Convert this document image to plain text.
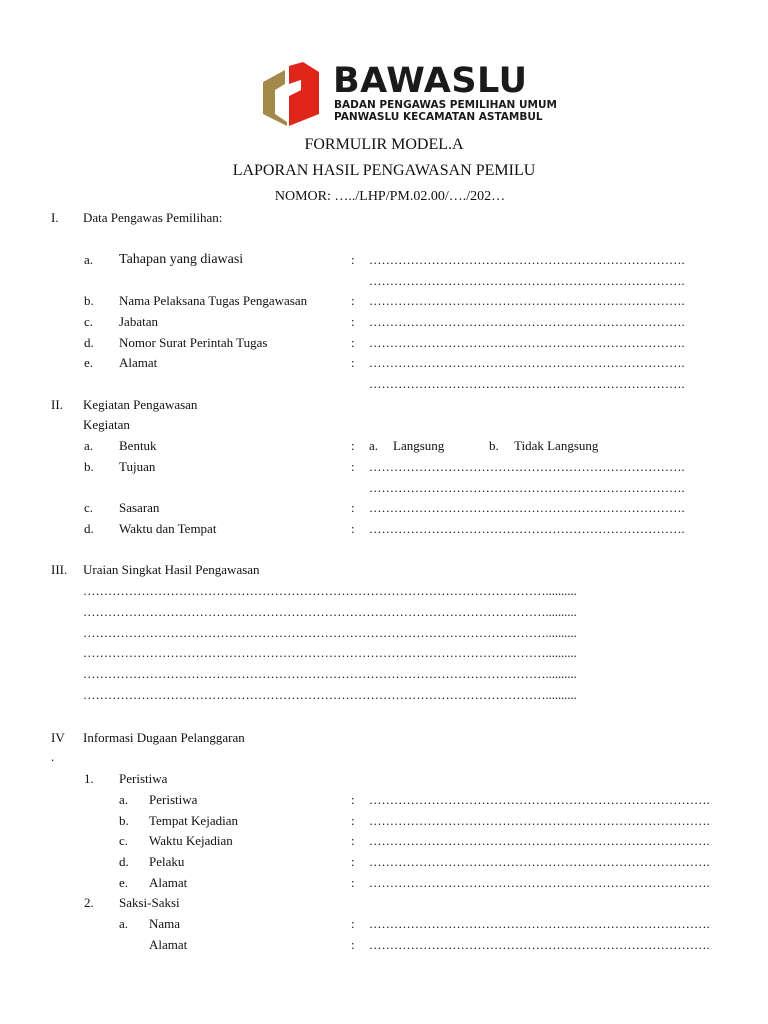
BAWASLU
BADAN PENGAWAS PEMILIHAN UMUM
PANWASLU KECAMATAN ASTAMBUL
FORMULIR MODEL.A
LAPORAN HASIL PENGAWASAN PEMILU
NOMOR: …../LHP/PM.02.00/…./202…
I. Data Pengawas Pemilihan:
a. Tahapan yang diawasi	: ………………………………………………………………….
………………………………………………………………….
b. Nama Pelaksana Tugas Pengawasan	: ………………………………………………………………….
c. Jabatan	: ………………………………………………………………….
d. Nomor Surat Perintah Tugas	: ………………………………………………………………….
e. Alamat	: ………………………………………………………………….
………………………………………………………………….
II. Kegiatan Pengawasan
Kegiatan
a. Bentuk	: a. Langsung	b. Tidak Langsung
b. Tujuan	: ………………………………………………………………….
………………………………………………………………….
c. Sasaran	: ………………………………………………………………….
d. Waktu dan Tempat	: ………………………………………………………………….
III. Uraian Singkat Hasil Pengawasan
…………………………………………………………………………………………………..........
…………………………………………………………………………………………………..........
…………………………………………………………………………………………………..........
…………………………………………………………………………………………………..........
…………………………………………………………………………………………………..........
…………………………………………………………………………………………………..........
IV
.
Informasi Dugaan Pelanggaran
1. Peristiwa
a. Peristiwa	: ……………………………………………………………………….
b. Tempat Kejadian	: ……………………………………………………………………….
c. Waktu Kejadian	: ……………………………………………………………………….
d. Pelaku	: ……………………………………………………………………….
e. Alamat	: ……………………………………………………………………….
2. Saksi-Saksi
a. Nama	: ……………………………………………………………………….
Alamat	: ……………………………………………………………………….
